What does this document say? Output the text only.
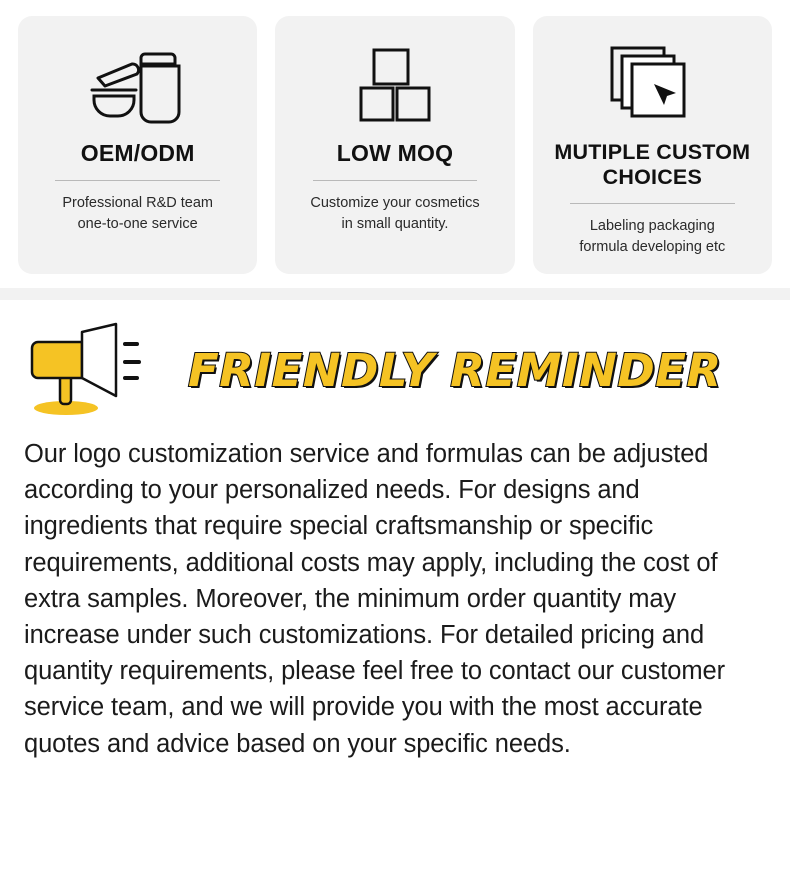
OEM/ODM
Professional R&D team
one-to-one service
LOW MOQ
Customize your cosmetics
in small quantity.
MUTIPLE CUSTOM CHOICES
Labeling packaging
formula developing etc
FRIENDLY REMINDER
Our logo customization service and formulas can be adjusted according to your personalized needs. For designs and ingredients that require special craftsmanship or specific requirements, additional costs may apply, including the cost of extra samples. Moreover, the minimum order quantity may increase under such customizations. For detailed pricing and quantity requirements, please feel free to contact our customer service team, and we will provide you with the most accurate quotes and advice based on your specific needs.
